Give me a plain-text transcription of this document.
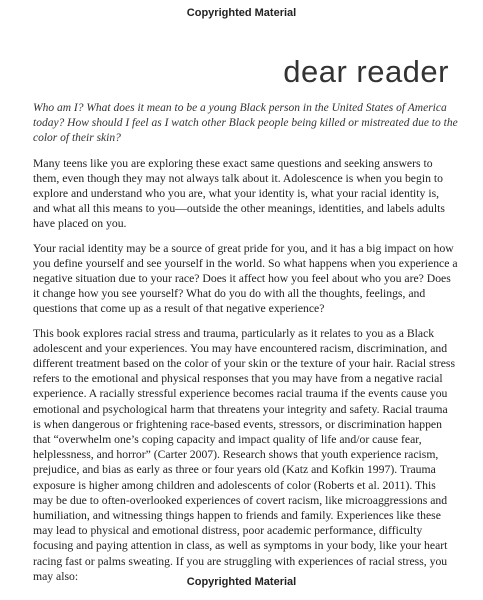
Copyrighted Material

dear reader

Who am I? What does it mean to be a young Black person in the United States of America today? How should I feel as I watch other Black people being killed or mistreated due to the color of their skin?

Many teens like you are exploring these exact same questions and seeking answers to them, even though they may not always talk about it. Adolescence is when you begin to explore and understand who you are, what your identity is, what your racial identity is, and what all this means to you—outside the other meanings, identities, and labels adults have placed on you.

Your racial identity may be a source of great pride for you, and it has a big impact on how you define yourself and see yourself in the world. So what happens when you experience a negative situation due to your race? Does it affect how you feel about who you are? Does it change how you see yourself? What do you do with all the thoughts, feelings, and questions that come up as a result of that negative experience?

This book explores racial stress and trauma, particularly as it relates to you as a Black adolescent and your experiences. You may have encountered racism, discrimination, and different treatment based on the color of your skin or the texture of your hair. Racial stress refers to the emotional and physical responses that you may have from a negative racial experience. A racially stressful experience becomes racial trauma if the events cause you emotional and psychological harm that threatens your integrity and safety. Racial trauma is when dangerous or frightening race-based events, stressors, or discrimination happen that “overwhelm one’s coping capacity and impact quality of life and/or cause fear, helplessness, and horror” (Carter 2007). Research shows that youth experience racism, prejudice, and bias as early as three or four years old (Katz and Kofkin 1997). Trauma exposure is higher among children and adolescents of color (Roberts et al. 2011). This may be due to often-overlooked experiences of covert racism, like microaggressions and humiliation, and witnessing things happen to friends and family. Experiences like these may lead to physical and emotional distress, poor academic performance, difficulty focusing and paying attention in class, as well as symptoms in your body, like your heart racing fast or palms sweating. If you are struggling with experiences of racial stress, you may also:	Copyrighted Material
